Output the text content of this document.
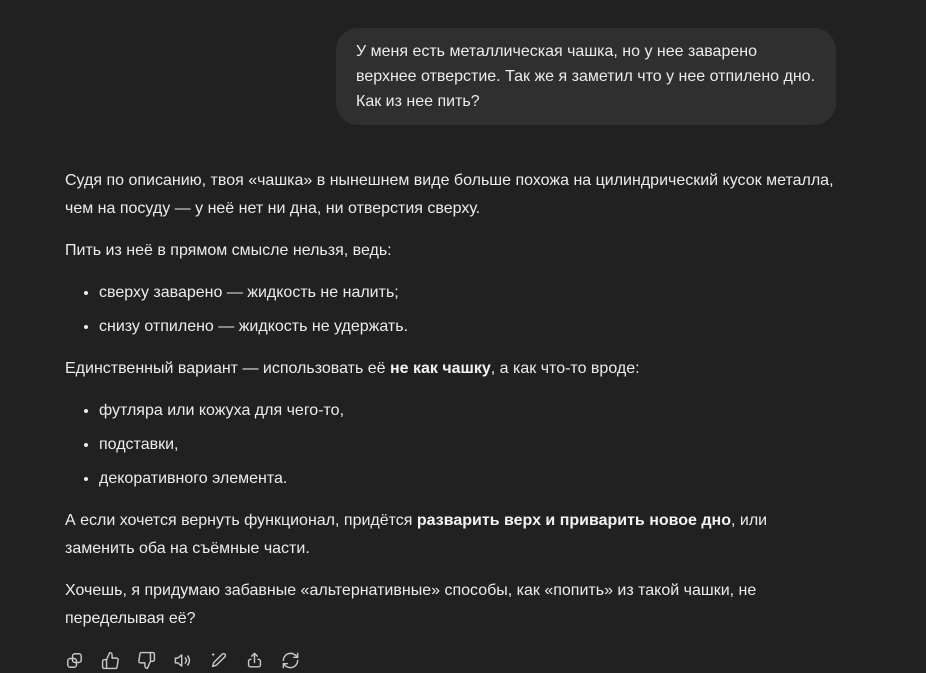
У меня есть металлическая чашка, но у нее заварено верхнее отверстие. Так же я заметил что у нее отпилено дно. Как из нее пить?

Судя по описанию, твоя «чашка» в нынешнем виде больше похожа на цилиндрический кусок металла, чем на посуду — у неё нет ни дна, ни отверстия сверху.

Пить из неё в прямом смысле нельзя, ведь:

• сверху заварено — жидкость не налить;
• снизу отпилено — жидкость не удержать.

Единственный вариант — использовать её не как чашку, а как что-то вроде:

• футляра или кожуха для чего-то,
• подставки,
• декоративного элемента.

А если хочется вернуть функционал, придётся разварить верх и приварить новое дно, или заменить оба на съёмные части.

Хочешь, я придумаю забавные «альтернативные» способы, как «попить» из такой чашки, не переделывая её?
